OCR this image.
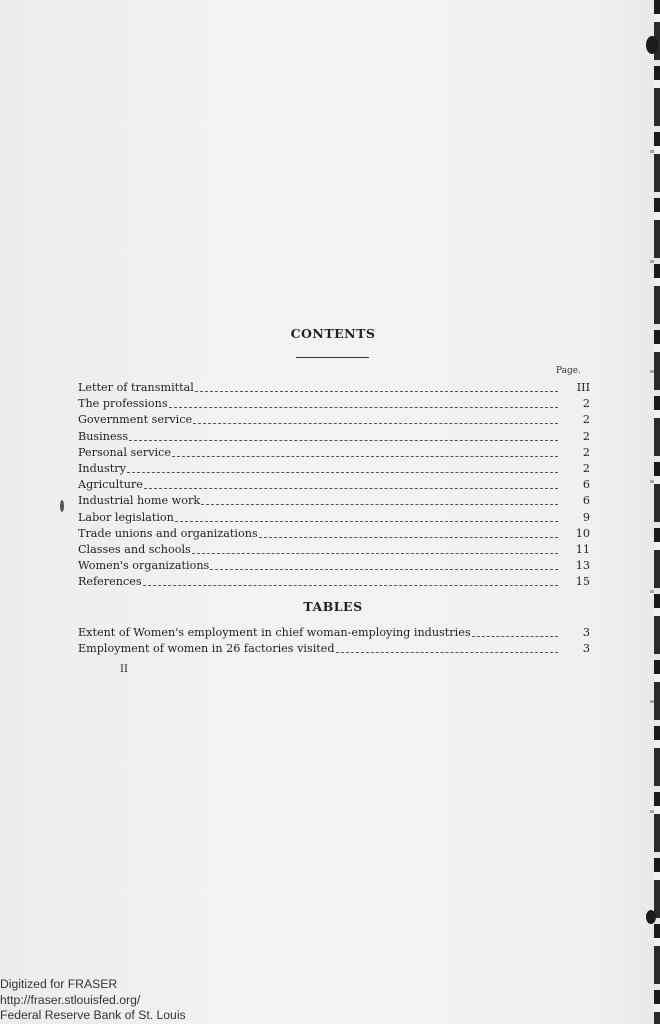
CONTENTS
Page.
Letter of transmittal	III
The professions	2
Government service	2
Business	2
Personal service	2
Industry	2
Agriculture	6
Industrial home work	6
Labor legislation	9
Trade unions and organizations	10
Classes and schools	11
Women's organizations	13
References	15
TABLES
Extent of Women's employment in chief woman-employing industries	3
Employment of women in 26 factories visited	3
II
Digitized for FRASER
http://fraser.stlouisfed.org/
Federal Reserve Bank of St. Louis
